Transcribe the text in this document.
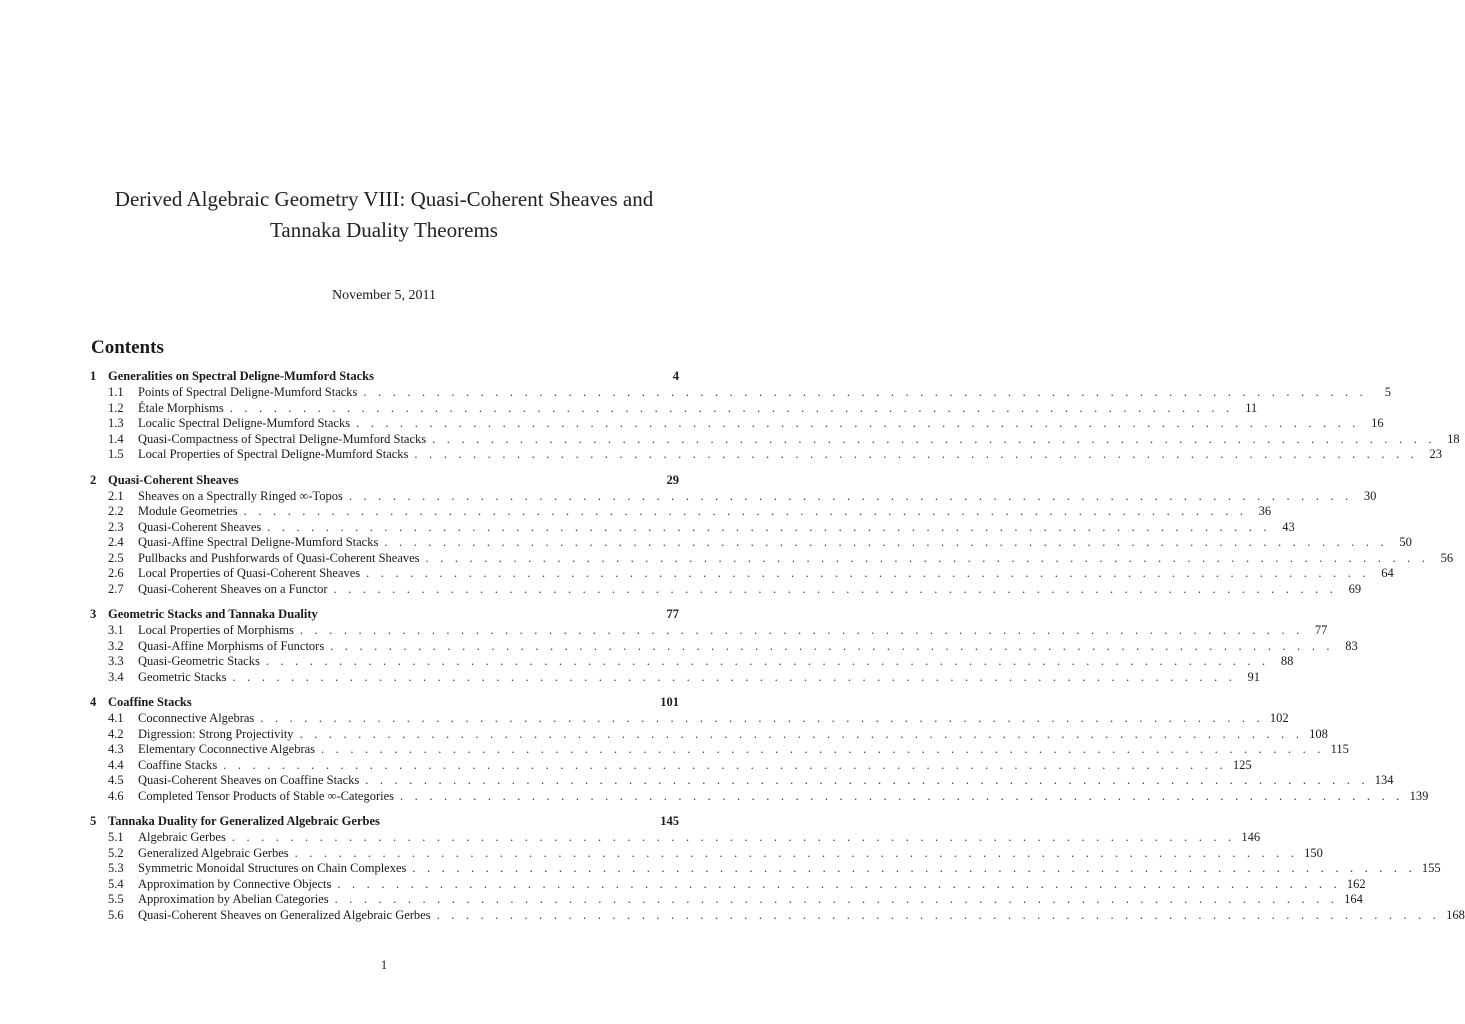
Derived Algebraic Geometry VIII: Quasi-Coherent Sheaves and
Tannaka Duality Theorems
November 5, 2011
Contents
1 Generalities on Spectral Deligne-Mumford Stacks	4
1.1	Points of Spectral Deligne-Mumford Stacks . . . . . . . . . . . . . . . . . . . . . . . . . . . . . . . . . . . . . . . . . . . . . . . . . . . . . . . . . . . . . . . . . . . . .	5
1.2	Étale Morphisms . . . . . . . . . . . . . . . . . . . . . . . . . . . . . . . . . . . . . . . . . . . . . . . . . . . . . . . . . . . . . . . . . . . . . 11
1.3	Localic Spectral Deligne-Mumford Stacks . . . . . . . . . . . . . . . . . . . . . . . . . . . . . . . . . . . . . . . . . . . . . . . . . . . . . . . . . . . . . . . . . . . . . 16
1.4	Quasi-Compactness of Spectral Deligne-Mumford Stacks . . . . . . . . . . . . . . . . . . . . . . . . . . . . . . . . . . . . . . . . . . . . . . . . . . . . . . . . . . . . . . . . . . . . . 18
1.5	Local Properties of Spectral Deligne-Mumford Stacks . . . . . . . . . . . . . . . . . . . . . . . . . . . . . . . . . . . . . . . . . . . . . . . . . . . . . . . . . . . . . . . . . . . . . 23
2 Quasi-Coherent Sheaves	29
2.1	Sheaves on a Spectrally Ringed ∞-Topos . . . . . . . . . . . . . . . . . . . . . . . . . . . . . . . . . . . . . . . . . . . . . . . . . . . . . . . . . . . . . . . . . . . . . 30
2.2	Module Geometries . . . . . . . . . . . . . . . . . . . . . . . . . . . . . . . . . . . . . . . . . . . . . . . . . . . . . . . . . . . . . . . . . . . . . 36
2.3	Quasi-Coherent Sheaves . . . . . . . . . . . . . . . . . . . . . . . . . . . . . . . . . . . . . . . . . . . . . . . . . . . . . . . . . . . . . . . . . . . . . 43
2.4	Quasi-Affine Spectral Deligne-Mumford Stacks . . . . . . . . . . . . . . . . . . . . . . . . . . . . . . . . . . . . . . . . . . . . . . . . . . . . . . . . . . . . . . . . . . . . . 50
2.5	Pullbacks and Pushforwards of Quasi-Coherent Sheaves . . . . . . . . . . . . . . . . . . . . . . . . . . . . . . . . . . . . . . . . . . . . . . . . . . . . . . . . . . . . . . . . . . . . . 56
2.6	Local Properties of Quasi-Coherent Sheaves . . . . . . . . . . . . . . . . . . . . . . . . . . . . . . . . . . . . . . . . . . . . . . . . . . . . . . . . . . . . . . . . . . . . . 64
2.7	Quasi-Coherent Sheaves on a Functor . . . . . . . . . . . . . . . . . . . . . . . . . . . . . . . . . . . . . . . . . . . . . . . . . . . . . . . . . . . . . . . . . . . . . 69
3 Geometric Stacks and Tannaka Duality	77
3.1	Local Properties of Morphisms . . . . . . . . . . . . . . . . . . . . . . . . . . . . . . . . . . . . . . . . . . . . . . . . . . . . . . . . . . . . . . . . . . . . . 77
3.2	Quasi-Affine Morphisms of Functors . . . . . . . . . . . . . . . . . . . . . . . . . . . . . . . . . . . . . . . . . . . . . . . . . . . . . . . . . . . . . . . . . . . . . 83
3.3	Quasi-Geometric Stacks . . . . . . . . . . . . . . . . . . . . . . . . . . . . . . . . . . . . . . . . . . . . . . . . . . . . . . . . . . . . . . . . . . . . . 88
3.4	Geometric Stacks . . . . . . . . . . . . . . . . . . . . . . . . . . . . . . . . . . . . . . . . . . . . . . . . . . . . . . . . . . . . . . . . . . . . . 91
4 Coaffine Stacks	101
4.1	Coconnective Algebras . . . . . . . . . . . . . . . . . . . . . . . . . . . . . . . . . . . . . . . . . . . . . . . . . . . . . . . . . . . . . . . . . . . . . 102
4.2	Digression: Strong Projectivity . . . . . . . . . . . . . . . . . . . . . . . . . . . . . . . . . . . . . . . . . . . . . . . . . . . . . . . . . . . . . . . . . . . . . 108
4.3	Elementary Coconnective Algebras . . . . . . . . . . . . . . . . . . . . . . . . . . . . . . . . . . . . . . . . . . . . . . . . . . . . . . . . . . . . . . . . . . . . . 115
4.4	Coaffine Stacks . . . . . . . . . . . . . . . . . . . . . . . . . . . . . . . . . . . . . . . . . . . . . . . . . . . . . . . . . . . . . . . . . . . . . 125
4.5	Quasi-Coherent Sheaves on Coaffine Stacks . . . . . . . . . . . . . . . . . . . . . . . . . . . . . . . . . . . . . . . . . . . . . . . . . . . . . . . . . . . . . . . . . . . . . 134
4.6	Completed Tensor Products of Stable ∞-Categories . . . . . . . . . . . . . . . . . . . . . . . . . . . . . . . . . . . . . . . . . . . . . . . . . . . . . . . . . . . . . . . . . . . . . 139
5 Tannaka Duality for Generalized Algebraic Gerbes	145
5.1	Algebraic Gerbes . . . . . . . . . . . . . . . . . . . . . . . . . . . . . . . . . . . . . . . . . . . . . . . . . . . . . . . . . . . . . . . . . . . . . 146
5.2	Generalized Algebraic Gerbes . . . . . . . . . . . . . . . . . . . . . . . . . . . . . . . . . . . . . . . . . . . . . . . . . . . . . . . . . . . . . . . . . . . . . 150
5.3	Symmetric Monoidal Structures on Chain Complexes . . . . . . . . . . . . . . . . . . . . . . . . . . . . . . . . . . . . . . . . . . . . . . . . . . . . . . . . . . . . . . . . . . . . . 155
5.4	Approximation by Connective Objects . . . . . . . . . . . . . . . . . . . . . . . . . . . . . . . . . . . . . . . . . . . . . . . . . . . . . . . . . . . . . . . . . . . . . 162
5.5	Approximation by Abelian Categories . . . . . . . . . . . . . . . . . . . . . . . . . . . . . . . . . . . . . . . . . . . . . . . . . . . . . . . . . . . . . . . . . . . . . 164
5.6	Quasi-Coherent Sheaves on Generalized Algebraic Gerbes . . . . . . . . . . . . . . . . . . . . . . . . . . . . . . . . . . . . . . . . . . . . . . . . . . . . . . . . . . . . . . . . . . . . . 168
1
